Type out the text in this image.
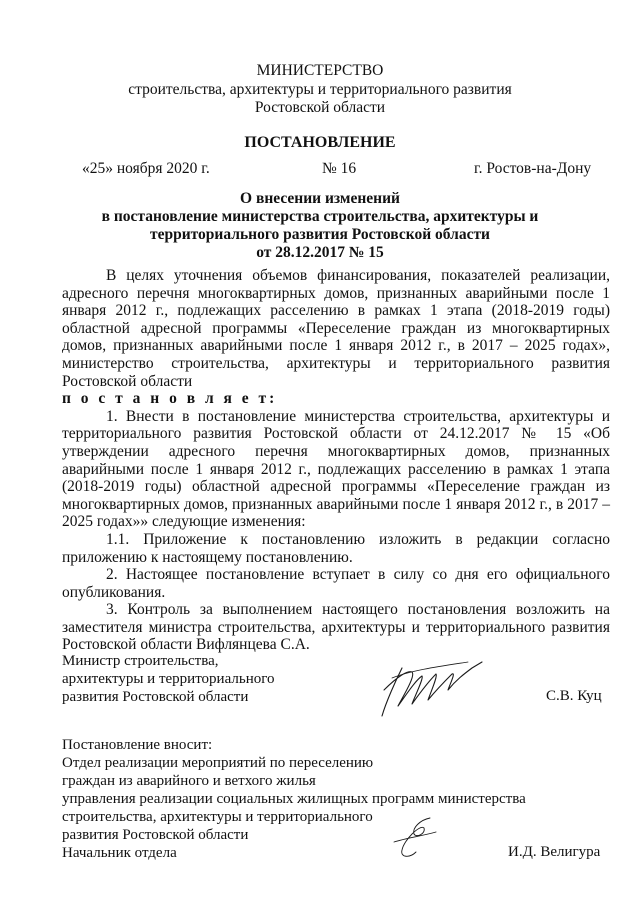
МИНИСТЕРСТВО
строительства, архитектуры и территориального развития
Ростовской области
ПОСТАНОВЛЕНИЕ
«25» ноября 2020 г.	№ 16	г. Ростов-на-Дону
О внесении изменений
в постановление министерства строительства, архитектуры и
территориального развития Ростовской области
от 28.12.2017 № 15

В целях уточнения объемов финансирования, показателей реализации, адресного перечня многоквартирных домов, признанных аварийными после 1 января 2012 г., подлежащих расселению в рамках 1 этапа (2018-2019 годы) областной адресной программы «Переселение граждан из многоквартирных домов, признанных аварийными после 1 января 2012 г., в 2017 – 2025 годах», министерство строительства, архитектуры и территориального развития Ростовской области

п о с т а н о в л я е т:

1. Внести в постановление министерства строительства, архитектуры и территориального развития Ростовской области от 24.12.2017 № 15 «Об утверждении адресного перечня многоквартирных домов, признанных аварийными после 1 января 2012 г., подлежащих расселению в рамках 1 этапа (2018-2019 годы) областной адресной программы «Переселение граждан из многоквартирных домов, признанных аварийными после 1 января 2012 г., в 2017 – 2025 годах»» следующие изменения:

1.1. Приложение к постановлению изложить в редакции согласно приложению к настоящему постановлению.

2. Настоящее постановление вступает в силу со дня его официального опубликования.

3. Контроль за выполнением настоящего постановления возложить на заместителя министра строительства, архитектуры и территориального развития Ростовской области Вифлянцева С.А.

Министр строительства,
архитектуры и территориального
развития Ростовской области	С.В. Куц
Постановление вносит:
Отдел реализации мероприятий по переселению
граждан из аварийного и ветхого жилья
управления реализации социальных жилищных программ министерства
строительства, архитектуры и территориального
развития Ростовской области
Начальник отдела	И.Д. Велигура
